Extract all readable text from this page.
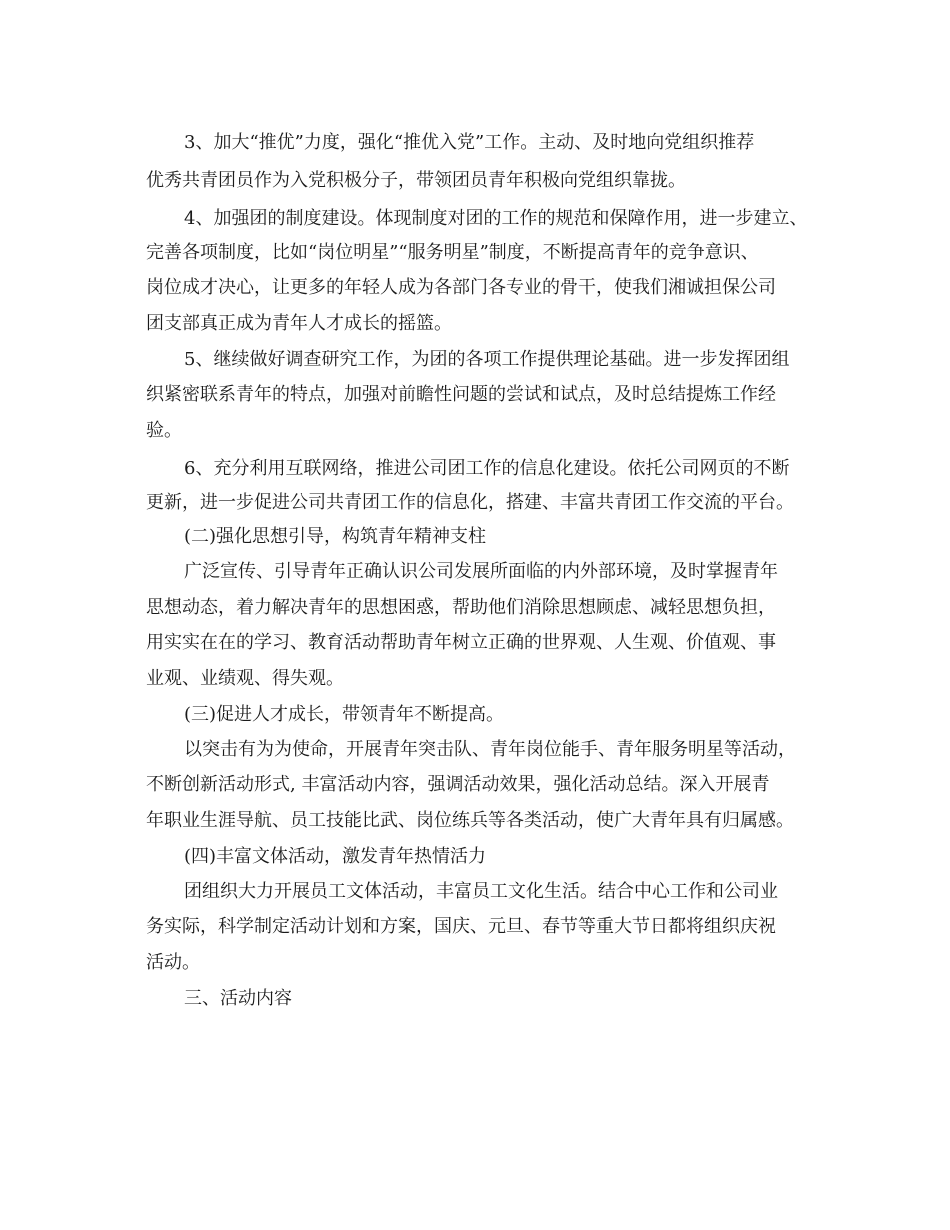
3、加大“推优”力度，强化“推优入党”工作。主动、及时地向党组织推荐
优秀共青团员作为入党积极分子，带领团员青年积极向党组织靠拢。
4、加强团的制度建设。体现制度对团的工作的规范和保障作用，进一步建立、
完善各项制度，比如“岗位明星”“服务明星”制度，不断提高青年的竞争意识、
岗位成才决心，让更多的年轻人成为各部门各专业的骨干，使我们湘诚担保公司
团支部真正成为青年人才成长的摇篮。
5、继续做好调查研究工作，为团的各项工作提供理论基础。进一步发挥团组
织紧密联系青年的特点，加强对前瞻性问题的尝试和试点，及时总结提炼工作经
验。
6、充分利用互联网络，推进公司团工作的信息化建设。依托公司网页的不断
更新，进一步促进公司共青团工作的信息化，搭建、丰富共青团工作交流的平台。
(二)强化思想引导，构筑青年精神支柱
广泛宣传、引导青年正确认识公司发展所面临的内外部环境，及时掌握青年
思想动态，着力解决青年的思想困惑，帮助他们消除思想顾虑、减轻思想负担，
用实实在在的学习、教育活动帮助青年树立正确的世界观、人生观、价值观、事
业观、业绩观、得失观。
(三)促进人才成长，带领青年不断提高。
以突击有为为使命，开展青年突击队、青年岗位能手、青年服务明星等活动，
不断创新活动形式, 丰富活动内容，强调活动效果，强化活动总结。深入开展青
年职业生涯导航、员工技能比武、岗位练兵等各类活动，使广大青年具有归属感。
(四)丰富文体活动，激发青年热情活力
团组织大力开展员工文体活动，丰富员工文化生活。结合中心工作和公司业
务实际，科学制定活动计划和方案，国庆、元旦、春节等重大节日都将组织庆祝
活动。
三、活动内容
